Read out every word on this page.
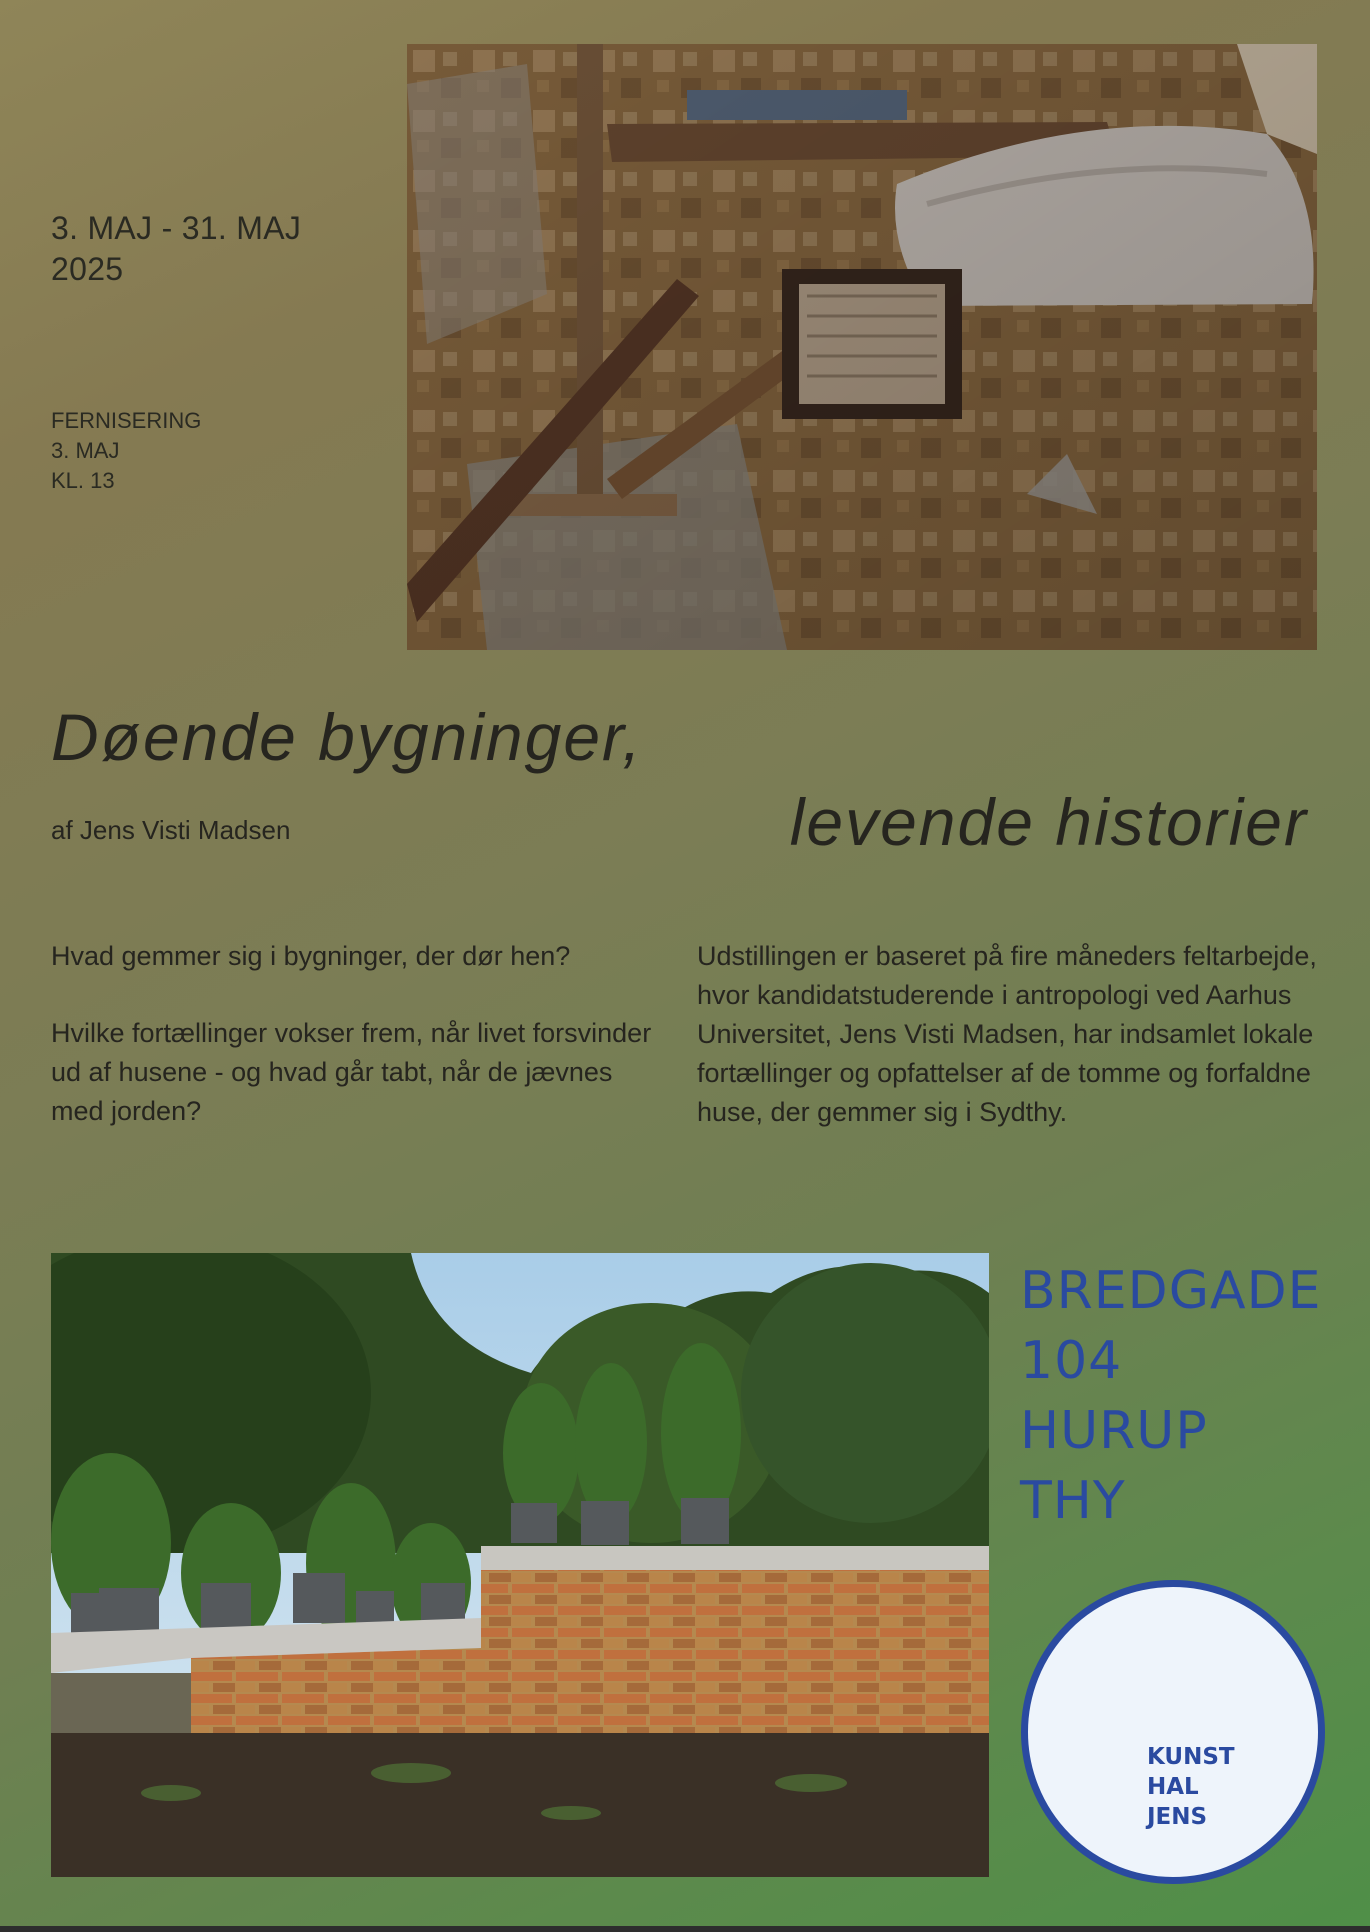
3. MAJ - 31. MAJ
2025
FERNISERING
3. MAJ
KL. 13
Døende bygninger,
af Jens Visti Madsen	levende historier

Hvad gemmer sig i bygninger, der dør hen?

Hvilke fortællinger vokser frem, når livet forsvinder ud af husene - og hvad går tabt, når de jævnes med jorden?

Udstillingen er baseret på fire måneders feltarbejde, hvor kandidatstuderende i antropologi ved Aarhus Universitet, Jens Visti Madsen, har indsamlet lokale fortællinger og opfattelser af de tomme og forfaldne huse, der gemmer sig i Sydthy.

BREDGADE
104
HURUP
THY
KUNST
HAL
JENS
